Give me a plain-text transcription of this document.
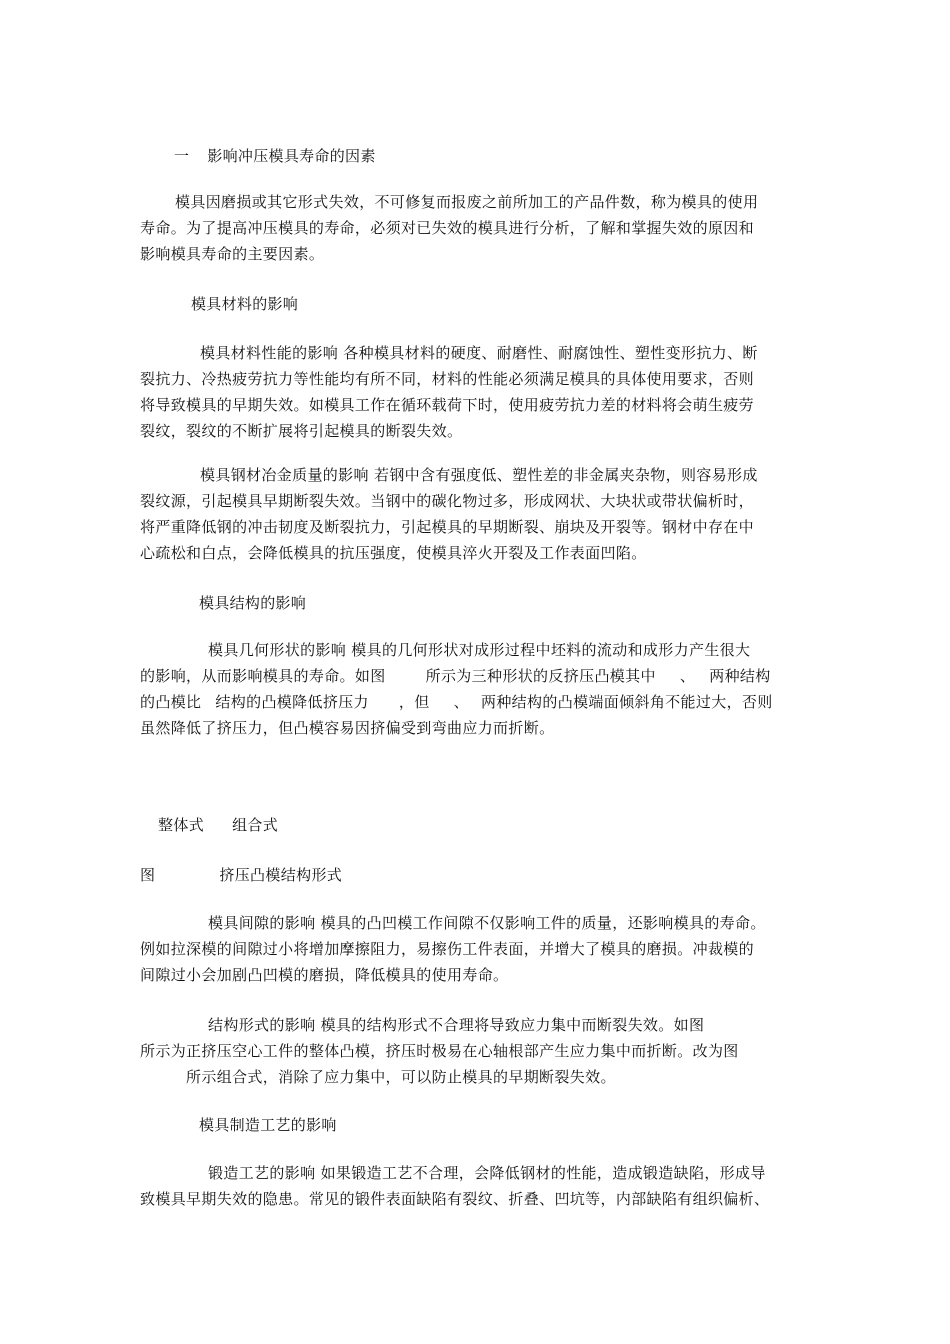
一 影响冲压模具寿命的因素
模具因磨损或其它形式失效，不可修复而报废之前所加工的产品件数，称为模具的使用
寿命。为了提高冲压模具的寿命，必须对已失效的模具进行分析，了解和掌握失效的原因和
影响模具寿命的主要因素。
模具材料的影响
模具材料性能的影响 各种模具材料的硬度、耐磨性、耐腐蚀性、塑性变形抗力、断
裂抗力、冷热疲劳抗力等性能均有所不同，材料的性能必须满足模具的具体使用要求，否则
将导致模具的早期失效。如模具工作在循环载荷下时，使用疲劳抗力差的材料将会萌生疲劳
裂纹，裂纹的不断扩展将引起模具的断裂失效。
模具钢材冶金质量的影响 若钢中含有强度低、塑性差的非金属夹杂物，则容易形成
裂纹源，引起模具早期断裂失效。当钢中的碳化物过多，形成网状、大块状或带状偏析时，
将严重降低钢的冲击韧度及断裂抗力，引起模具的早期断裂、崩块及开裂等。钢材中存在中
心疏松和白点，会降低模具的抗压强度，使模具淬火开裂及工作表面凹陷。
模具结构的影响
模具几何形状的影响 模具的几何形状对成形过程中坯料的流动和成形力产生很大
的影响，从而影响模具的寿命。如图	所示为三种形状的反挤压凸模其中 、 两种结构
的凸模比 结构的凸模降低挤压力 ，但 、 两种结构的凸模端面倾斜角不能过大，否则
虽然降低了挤压力，但凸模容易因挤偏受到弯曲应力而折断。
整体式 组合式
图	挤压凸模结构形式
模具间隙的影响 模具的凸凹模工作间隙不仅影响工件的质量，还影响模具的寿命。
例如拉深模的间隙过小将增加摩擦阻力，易擦伤工件表面，并增大了模具的磨损。冲裁模的
间隙过小会加剧凸凹模的磨损，降低模具的使用寿命。
结构形式的影响 模具的结构形式不合理将导致应力集中而断裂失效。如图
所示为正挤压空心工件的整体凸模，挤压时极易在心轴根部产生应力集中而折断。改为图
所示组合式，消除了应力集中，可以防止模具的早期断裂失效。
模具制造工艺的影响
锻造工艺的影响 如果锻造工艺不合理，会降低钢材的性能，造成锻造缺陷，形成导
致模具早期失效的隐患。常见的锻件表面缺陷有裂纹、折叠、凹坑等，内部缺陷有组织偏析、
